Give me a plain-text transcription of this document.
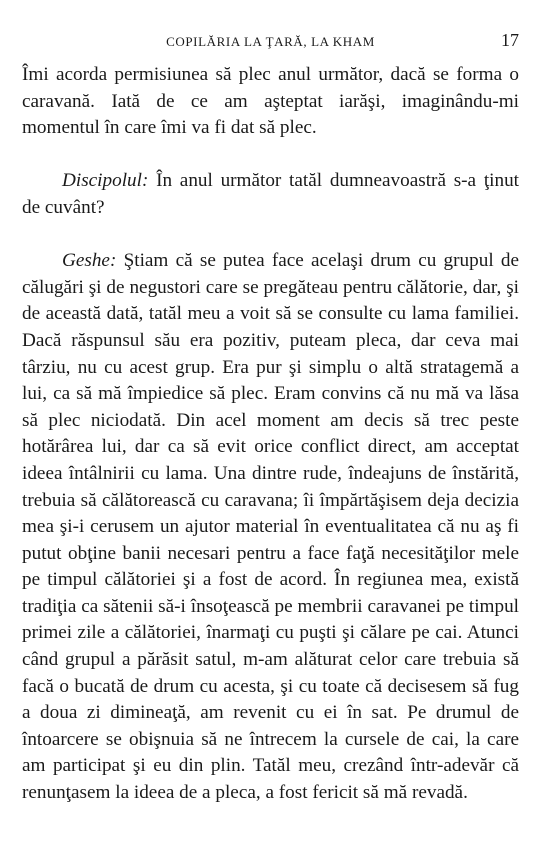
COPILĂRIA LA ŢARĂ, LA KHAM	17

Îmi acorda permisiunea să plec anul următor, dacă se forma o caravană. Iată de ce am aşteptat iarăşi, imaginându-mi momentul în care îmi va fi dat să plec.

Discipolul: În anul următor tatăl dumneavoastră s-a ţinut de cuvânt?

Geshe: Ştiam că se putea face acelaşi drum cu grupul de călugări şi de negustori care se pregăteau pentru călătorie, dar, şi de această dată, tatăl meu a voit să se consulte cu lama familiei. Dacă răspunsul său era pozitiv, puteam pleca, dar ceva mai târziu, nu cu acest grup. Era pur şi simplu o altă stratagemă a lui, ca să mă împiedice să plec. Eram convins că nu mă va lăsa să plec niciodată. Din acel moment am decis să trec peste hotărârea lui, dar ca să evit orice conflict direct, am acceptat ideea întâlnirii cu lama. Una dintre rude, îndeajuns de înstărită, trebuia să călătorească cu caravana; îi împărtăşisem deja decizia mea şi-i cerusem un ajutor material în eventualitatea că nu aş fi putut obţine banii necesari pentru a face faţă necesităţilor mele pe timpul călătoriei şi a fost de acord. În regiunea mea, există tradiţia ca sătenii să-i însoţească pe membrii caravanei pe timpul primei zile a călătoriei, înarmaţi cu puşti şi călare pe cai. Atunci când grupul a părăsit satul, m-am alăturat celor care trebuia să facă o bucată de drum cu acesta, şi cu toate că decisesem să fug a doua zi dimineaţă, am revenit cu ei în sat. Pe drumul de întoarcere se obişnuia să ne întrecem la cursele de cai, la care am participat şi eu din plin. Tatăl meu, crezând într-adevăr că renunţasem la ideea de a pleca, a fost fericit să mă revadă.
